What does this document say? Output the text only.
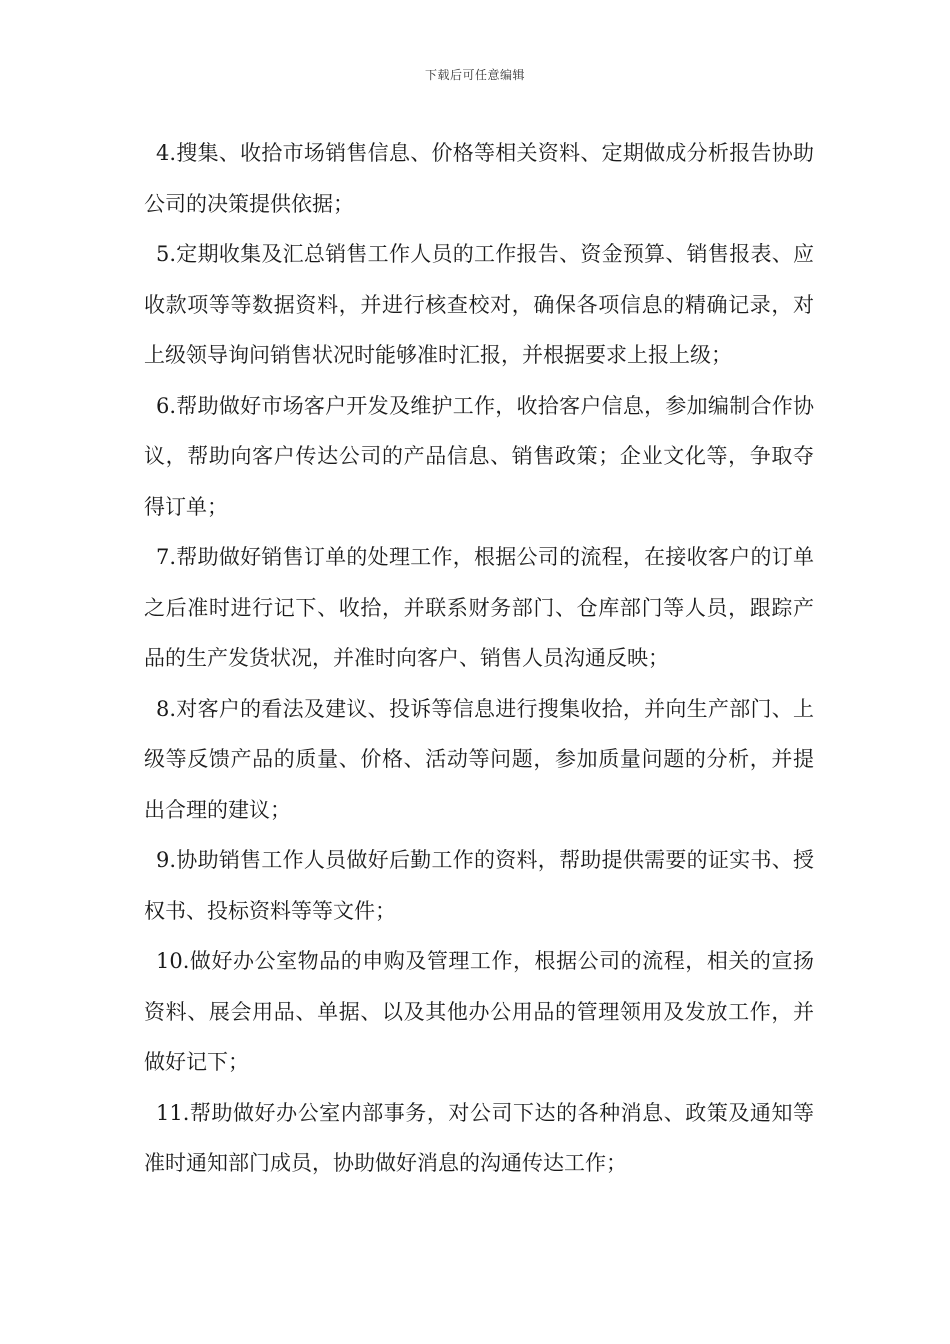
下载后可任意编辑

4.搜集、收拾市场销售信息、价格等相关资料、定期做成分析报告协助公司的决策提供依据；

5.定期收集及汇总销售工作人员的工作报告、资金预算、销售报表、应收款项等等数据资料，并进行核查校对，确保各项信息的精确记录，对上级领导询问销售状况时能够准时汇报，并根据要求上报上级；

6.帮助做好市场客户开发及维护工作，收拾客户信息，参加编制合作协议，帮助向客户传达公司的产品信息、销售政策；企业文化等，争取夺得订单；

7.帮助做好销售订单的处理工作，根据公司的流程，在接收客户的订单之后准时进行记下、收拾，并联系财务部门、仓库部门等人员，跟踪产品的生产发货状况，并准时向客户、销售人员沟通反映；

8.对客户的看法及建议、投诉等信息进行搜集收拾，并向生产部门、上级等反馈产品的质量、价格、活动等问题，参加质量问题的分析，并提出合理的建议；

9.协助销售工作人员做好后勤工作的资料，帮助提供需要的证实书、授权书、投标资料等等文件；

10.做好办公室物品的申购及管理工作，根据公司的流程，相关的宣扬资料、展会用品、单据、以及其他办公用品的管理领用及发放工作，并做好记下；

11.帮助做好办公室内部事务，对公司下达的各种消息、政策及通知等准时通知部门成员，协助做好消息的沟通传达工作；
